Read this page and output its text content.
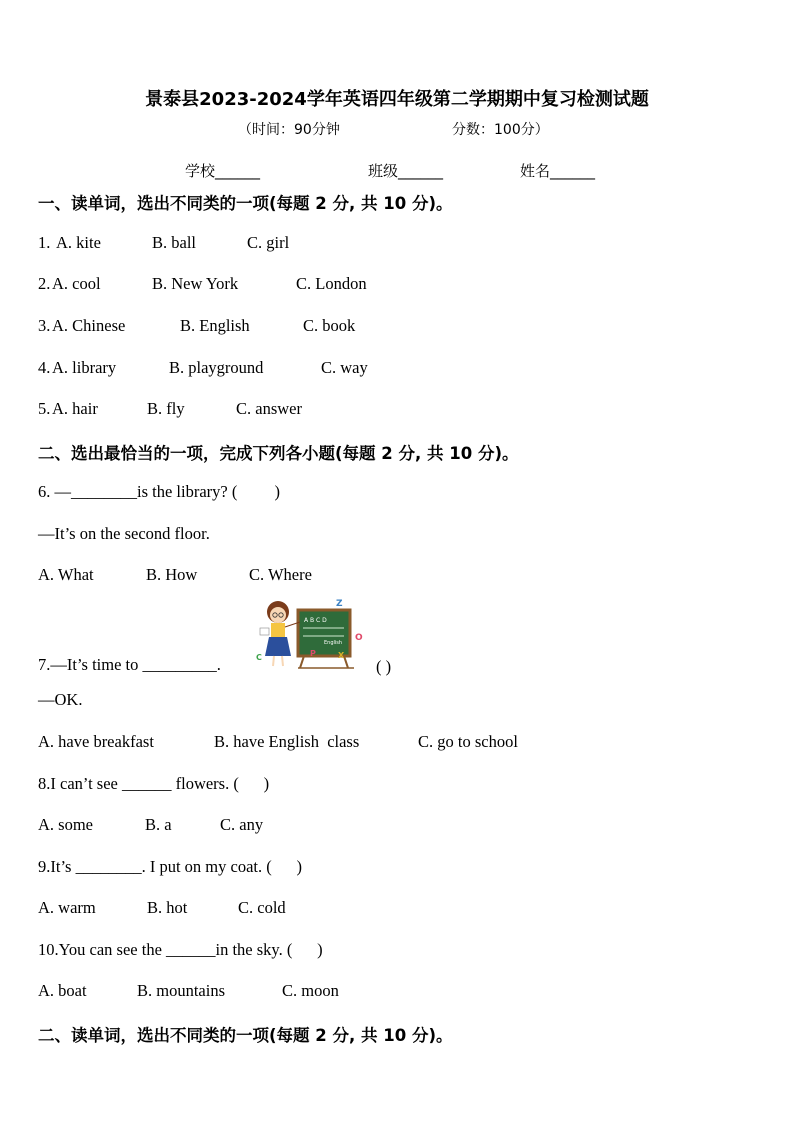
景泰县2023-2024学年英语四年级第二学期期中复习检测试题
（时间：90分钟	分数：100分）
学校______	班级______	姓名______
一、读单词，选出不同类的一项(每题 2 分, 共 10 分)。
1. A. kite	B. ball	C. girl
2. A. cool	B. New York	C. London
3. A. Chinese	B. English	C. book
4. A. library	B. playground	C. way
5. A. hair	B. fly	C. answer
二、选出最恰当的一项，完成下列各小题(每题 2 分, 共 10 分)。
6. —________is the library? (         )
—It’s on the second floor.
A. What	B. How	C. Where
A B C D
English
Z
O
C	P	X
7.—It’s time to _________.	( )
—OK.
A. have breakfast	B. have English  class	C. go to school
8.I can’t see ______ flowers. (      )
A. some	B. a	C. any
9.It’s ________. I put on my coat. (      )
A. warm	B. hot	C. cold
10.You can see the ______in the sky. (      )
A. boat	B. mountains	C. moon
二、读单词，选出不同类的一项(每题 2 分, 共 10 分)。
